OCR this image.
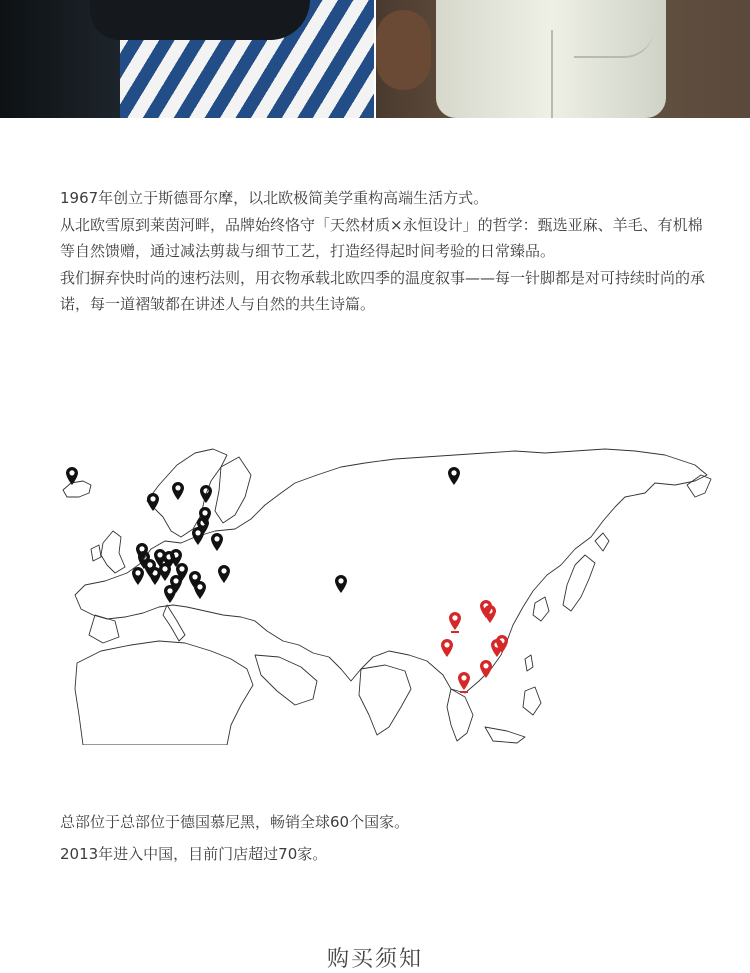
1967年创立于斯德哥尔摩，以北欧极简美学重构高端生活方式。

从北欧雪原到莱茵河畔，品牌始终恪守「天然材质×永恒设计」的哲学：甄选亚麻、羊毛、有机棉等自然馈赠，通过减法剪裁与细节工艺，打造经得起时间考验的日常臻品。

我们摒弃快时尚的速朽法则，用衣物承载北欧四季的温度叙事——每一针脚都是对可持续时尚的承诺，每一道褶皱都在讲述人与自然的共生诗篇。

总部位于总部位于德国慕尼黑，畅销全球60个国家。

2013年进入中国，目前门店超过70家。

购买须知
